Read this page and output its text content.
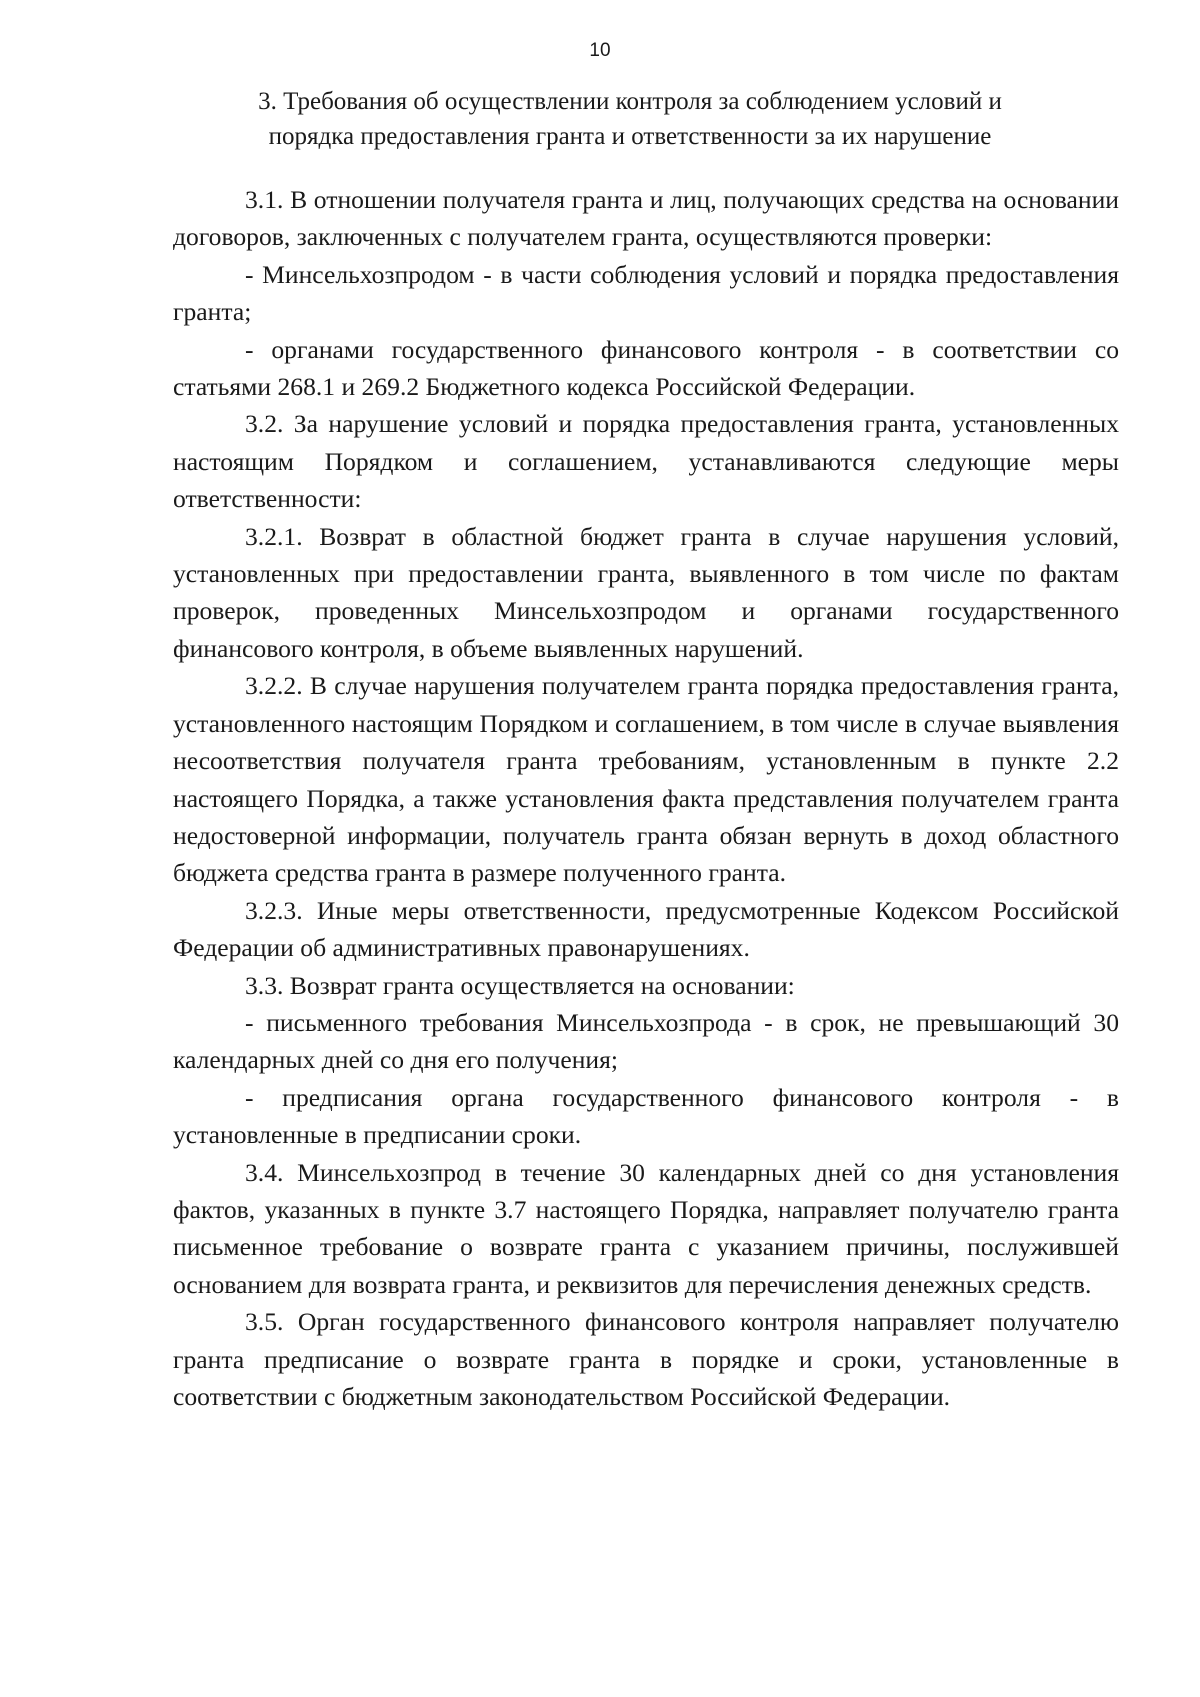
10
3. Требования об осуществлении контроля за соблюдением условий и
порядка предоставления гранта и ответственности за их нарушение

3.1. В отношении получателя гранта и лиц, получающих средства на основании договоров, заключенных с получателем гранта, осуществляются проверки:

- Минсельхозпродом - в части соблюдения условий и порядка предоставления гранта;

- органами государственного финансового контроля - в соответствии со статьями 268.1 и 269.2 Бюджетного кодекса Российской Федерации.

3.2. За нарушение условий и порядка предоставления гранта, установленных настоящим Порядком и соглашением, устанавливаются следующие меры ответственности:

3.2.1. Возврат в областной бюджет гранта в случае нарушения условий, установленных при предоставлении гранта, выявленного в том числе по фактам проверок, проведенных Минсельхозпродом и органами государственного финансового контроля, в объеме выявленных нарушений.

3.2.2. В случае нарушения получателем гранта порядка предоставления гранта, установленного настоящим Порядком и соглашением, в том числе в случае выявления несоответствия получателя гранта требованиям, установленным в пункте 2.2 настоящего Порядка, а также установления факта представления получателем гранта недостоверной информации, получатель гранта обязан вернуть в доход областного бюджета средства гранта в размере полученного гранта.

3.2.3. Иные меры ответственности, предусмотренные Кодексом Российской Федерации об административных правонарушениях.

3.3. Возврат гранта осуществляется на основании:

- письменного требования Минсельхозпрода - в срок, не превышающий 30 календарных дней со дня его получения;

- предписания органа государственного финансового контроля - в установленные в предписании сроки.

3.4. Минсельхозпрод в течение 30 календарных дней со дня установления фактов, указанных в пункте 3.7 настоящего Порядка, направляет получателю гранта письменное требование о возврате гранта с указанием причины, послужившей основанием для возврата гранта, и реквизитов для перечисления денежных средств.

3.5. Орган государственного финансового контроля направляет получателю гранта предписание о возврате гранта в порядке и сроки, установленные в соответствии с бюджетным законодательством Российской Федерации.
